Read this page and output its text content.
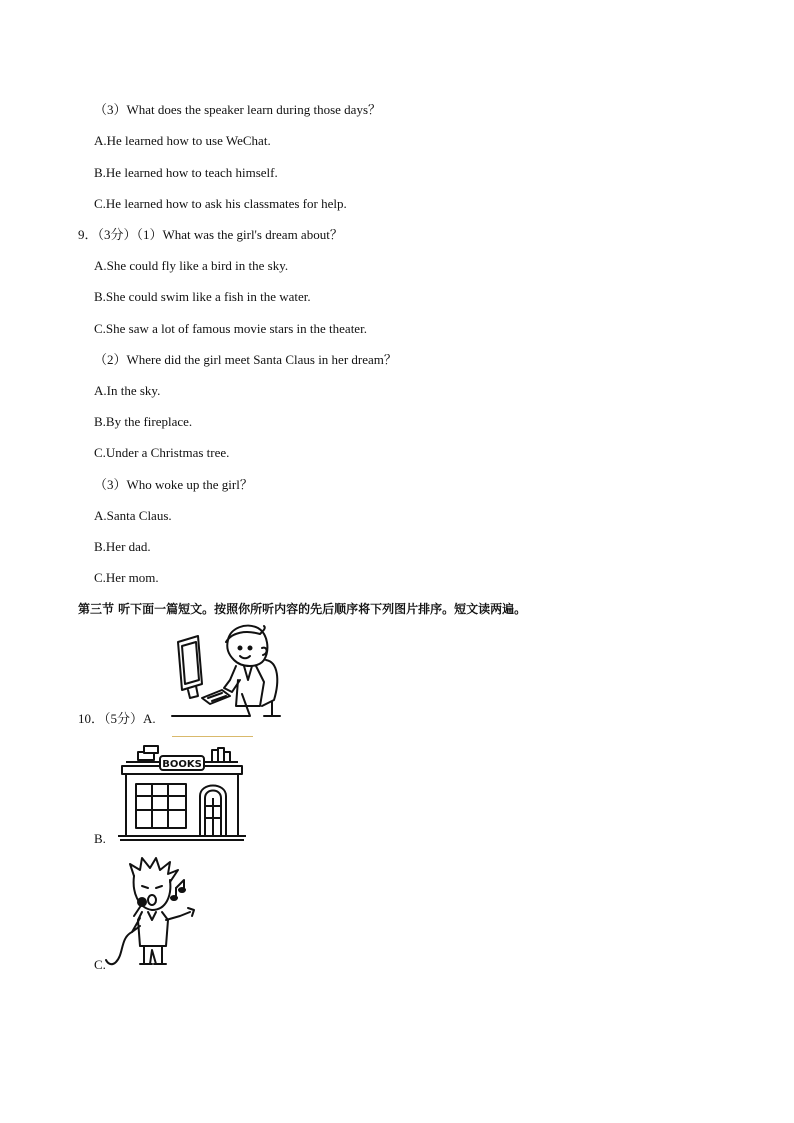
（3）What does the speaker learn during those days？
A.He learned how to use WeChat.
B.He learned how to teach himself.
C.He learned how to ask his classmates for help.
9．（3分）（1）What was the girl's dream about？
A.She could fly like a bird in the sky.
B.She could swim like a fish in the water.
C.She saw a lot of famous movie stars in the theater.
（2）Where did the girl meet Santa Claus in her dream？
A.In the sky.
B.By the fireplace.
C.Under a Christmas tree.
（3）Who woke up the girl？
A.Santa Claus.
B.Her dad.
C.Her mom.
第三节 听下面一篇短文。按照你所听内容的先后顺序将下列图片排序。短文读两遍。
10．（5分）A.
BOOKS
B.
C.
